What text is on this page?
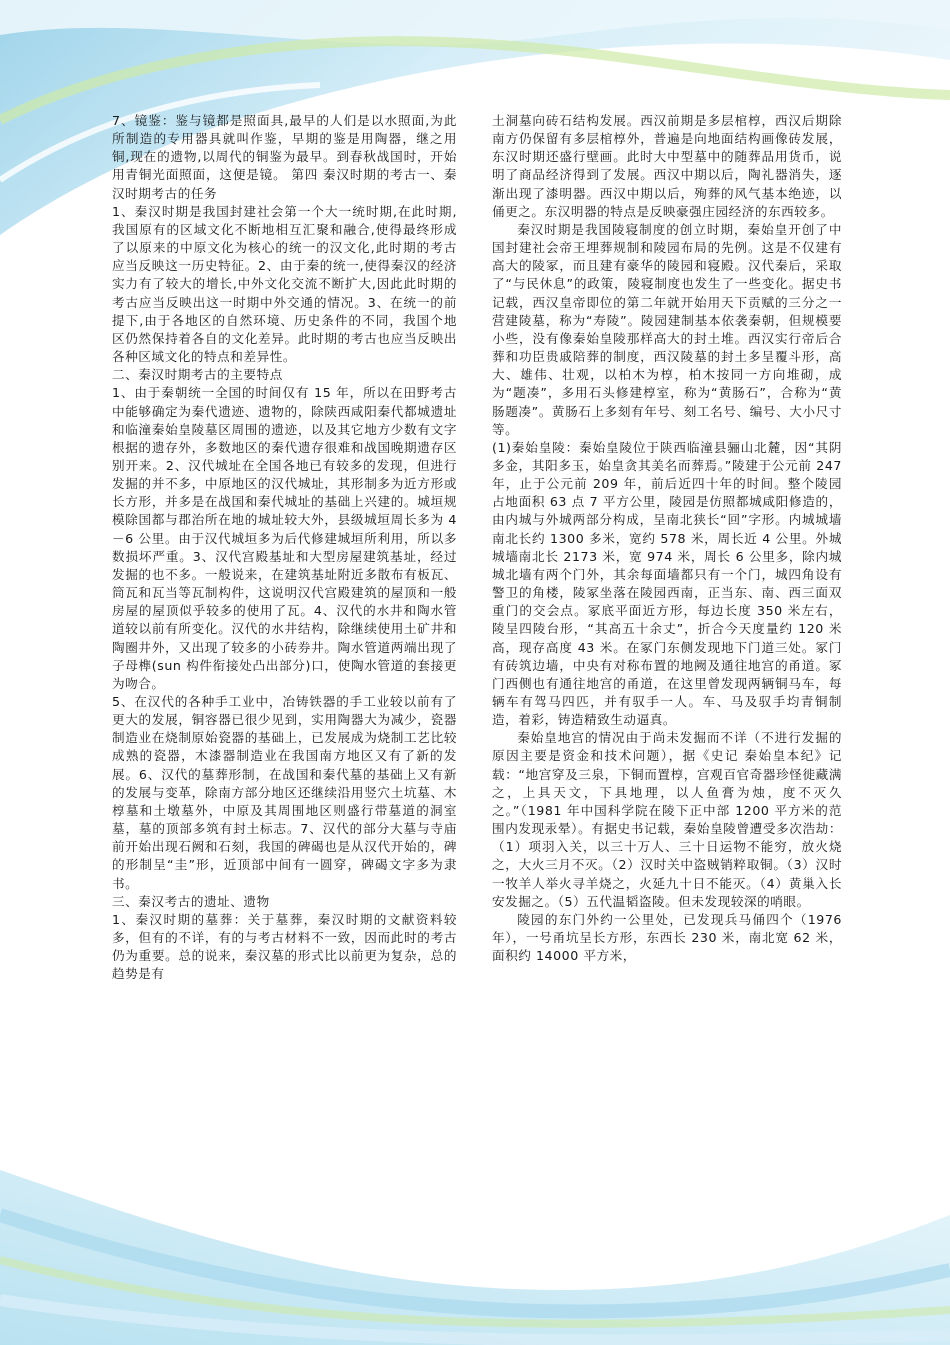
7、镜鉴：鉴与镜都是照面具,最早的人们是以水照面,为此所制造的专用器具就叫作鉴，早期的鉴是用陶器，继之用铜,现在的遗物,以周代的铜鉴为最早。到春秋战国时，开始用青铜光面照面，这便是镜。 第四 秦汉时期的考古一、秦汉时期考古的任务

1、秦汉时期是我国封建社会第一个大一统时期,在此时期,我国原有的区域文化不断地相互汇聚和融合,使得最终形成了以原来的中原文化为核心的统一的汉文化,此时期的考古应当反映这一历史特征。2、由于秦的统一,使得秦汉的经济实力有了较大的增长,中外文化交流不断扩大,因此此时期的考古应当反映出这一时期中外交通的情况。3、在统一的前提下,由于各地区的自然环境、历史条件的不同，我国个地区仍然保持着各自的文化差异。此时期的考古也应当反映出各种区域文化的特点和差异性。

二、秦汉时期考古的主要特点

1、由于秦朝统一全国的时间仅有 15 年，所以在田野考古中能够确定为秦代遗迹、遗物的，除陕西咸阳秦代都城遗址和临潼秦始皇陵墓区周围的遗迹，以及其它地方少数有文字根据的遗存外，多数地区的秦代遗存很难和战国晚期遗存区别开来。2、汉代城址在全国各地已有较多的发现，但进行发掘的并不多，中原地区的汉代城址，其形制多为近方形或长方形，并多是在战国和秦代城址的基础上兴建的。城垣规模除国都与郡治所在地的城址较大外，县级城垣周长多为 4－6 公里。由于汉代城垣多为后代修建城垣所利用，所以多数损坏严重。3、汉代宫殿基址和大型房屋建筑基址，经过发掘的也不多。一般说来，在建筑基址附近多散布有板瓦、筒瓦和瓦当等瓦制构件，这说明汉代宫殿建筑的屋顶和一般房屋的屋顶似乎较多的使用了瓦。4、汉代的水井和陶水管道较以前有所变化。汉代的水井结构，除继续使用土矿井和陶圈井外，又出现了较多的小砖券井。陶水管道两端出现了子母榫(sun 构件衔接处凸出部分)口，使陶水管道的套接更为吻合。

5、在汉代的各种手工业中，冶铸铁器的手工业较以前有了更大的发展，铜容器已很少见到，实用陶器大为减少，瓷器制造业在烧制原始瓷器的基础上，已发展成为烧制工艺比较成熟的瓷器，木漆器制造业在我国南方地区又有了新的发展。6、汉代的墓葬形制，在战国和秦代墓的基础上又有新的发展与变革，除南方部分地区还继续沿用竖穴土坑墓、木椁墓和土墩墓外，中原及其周围地区则盛行带墓道的洞室墓，墓的顶部多筑有封土标志。7、汉代的部分大墓与寺庙前开始出现石阙和石刻，我国的碑碣也是从汉代开始的，碑的形制呈“圭”形，近顶部中间有一圆穿，碑碣文字多为隶书。

三、秦汉考古的遗址、遗物

1、秦汉时期的墓葬：关于墓葬，秦汉时期的文献资料较多，但有的不详，有的与考古材料不一致，因而此时的考古仍为重要。总的说来，秦汉墓的形式比以前更为复杂，总的趋势是有

土洞墓向砖石结构发展。西汉前期是多层棺椁，西汉后期除南方仍保留有多层棺椁外，普遍是向地面结构画像砖发展，东汉时期还盛行壁画。此时大中型墓中的随葬品用货币，说明了商品经济得到了发展。西汉中期以后，陶礼器消失，逐渐出现了漆明器。西汉中期以后，殉葬的风气基本绝迹，以俑更之。东汉明器的特点是反映豪强庄园经济的东西较多。

秦汉时期是我国陵寝制度的创立时期，秦始皇开创了中国封建社会帝王埋葬规制和陵园布局的先例。这是不仅建有高大的陵冢，而且建有豪华的陵园和寝殿。汉代秦后，采取了“与民休息”的政策，陵寝制度也发生了一些变化。据史书记载，西汉皇帝即位的第二年就开始用天下贡赋的三分之一营建陵墓，称为“寿陵”。陵园建制基本依袭秦朝，但规模要小些，没有像秦始皇陵那样高大的封土堆。西汉实行帝后合葬和功臣贵戚陪葬的制度，西汉陵墓的封土多呈覆斗形，高大、雄伟、壮观，以柏木为椁，柏木按同一方向堆砌，成为“题凑”，多用石头修建椁室，称为“黄肠石”，合称为“黄肠题凑”。黄肠石上多刻有年号、刻工名号、编号、大小尺寸等。

(1)秦始皇陵：秦始皇陵位于陕西临潼县骊山北麓，因“其阴多金，其阳多玉，始皇贪其美名而葬焉。”陵建于公元前 247 年，止于公元前 209 年，前后近四十年的时间。整个陵园占地面积 63 点 7 平方公里，陵园是仿照都城咸阳修造的，由内城与外城两部分构成，呈南北狭长“回”字形。内城城墙南北长约 1300 多米，宽约 578 米，周长近 4 公里。外城城墙南北长 2173 米，宽 974 米，周长 6 公里多，除内城城北墙有两个门外，其余每面墙都只有一个门，城四角设有警卫的角楼，陵冢坐落在陵园西南，正当东、南、西三面双重门的交会点。冢底平面近方形，每边长度 350 米左右，陵呈四陵台形，“其高五十余丈”，折合今天度量约 120 米高，现存高度 43 米。在冢门东侧发现地下门道三处。冢门有砖筑边墙，中央有对称布置的地阙及通往地宫的甬道。冢门西侧也有通往地宫的甬道，在这里曾发现两辆铜马车，每辆车有驾马四匹，并有驭手一人。车、马及驭手均青铜制造，着彩，铸造精致生动逼真。

秦始皇地宫的情况由于尚未发掘而不详（不进行发掘的原因主要是资金和技术问题），据《史记 秦始皇本纪》记载：“地宫穿及三泉，下铜而置椁，宫观百官奇器珍怪徙藏满之，上具天文，下具地理，以人鱼膏为烛，度不灭久之。”（1981 年中国科学院在陵下正中部 1200 平方米的范围内发现汞晕）。有据史书记载，秦始皇陵曾遭受多次浩劫：（1）项羽入关，以三十万人、三十日运物不能穷，放火烧之，大火三月不灭。（2）汉时关中盗贼销粹取铜。（3）汉时一牧羊人举火寻羊烧之，火延九十日不能灭。（4）黄巢入长安发掘之。（5）五代温韬盗陵。但未发现较深的哨眼。

陵园的东门外约一公里处，已发现兵马俑四个（1976 年），一号甬坑呈长方形，东西长 230 米，南北宽 62 米，面积约 14000 平方米，
